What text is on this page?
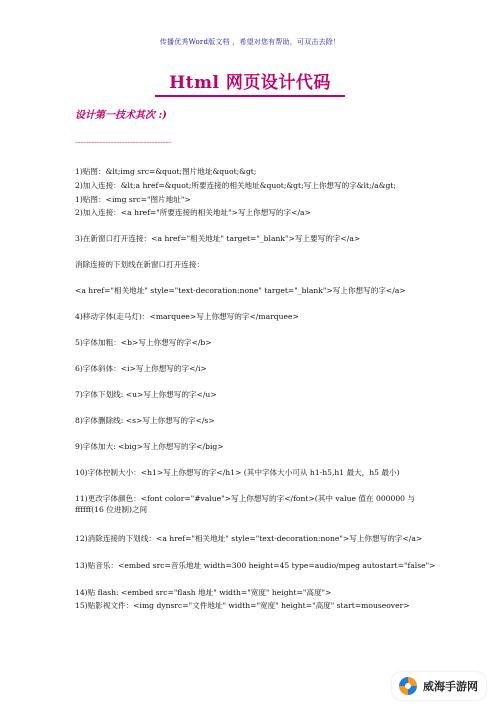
传播优秀Word版文档 ，希望对您有帮助，可双击去除！
Html 网页设计代码
设计第一技术其次 :)
-----------------------------------
1)贴图：&lt;img src=&quot;图片地址&quot;&gt;
2)加入连接：&lt;a href=&quot;所要连接的相关地址&quot;&gt;写上你想写的字&lt;/a&gt;
1)贴图：<img src="图片地址">
2)加入连接：<a href="所要连接的相关地址">写上你想写的字</a>
3)在新窗口打开连接：<a href="相关地址" target="_blank">写上要写的字</a>
消除连接的下划线在新窗口打开连接：
<a href="相关地址" style="text-decoration:none" target="_blank">写上你想写的字</a>
4)移动字体(走马灯)：<marquee>写上你想写的字</marquee>
5)字体加粗：<b>写上你想写的字</b>
6)字体斜体：<i>写上你想写的字</i>
7)字体下划线: <u>写上你想写的字</u>
8)字体删除线: <s>写上你想写的字</s>
9)字体加大: <big>写上你想写的字</big>
10)字体控制大小：<h1>写上你想写的字</h1> (其中字体大小可从 h1-h5,h1 最大，h5 最小)
11)更改字体颜色：<font color="#value">写上你想写的字</font>(其中 value 值在 000000 与 ffffff(16 位进制)之间
12)消除连接的下划线：<a href="相关地址" style="text-decoration:none">写上你想写的字</a>
13)贴音乐：<embed src=音乐地址 width=300 height=45 type=audio/mpeg autostart="false">
14)贴 flash: <embed src="flash 地址" width="宽度" height="高度">
15)贴影视文件：<img dynsrc="文件地址" width="宽度" height="高度" start=mouseover>
威海手游网
